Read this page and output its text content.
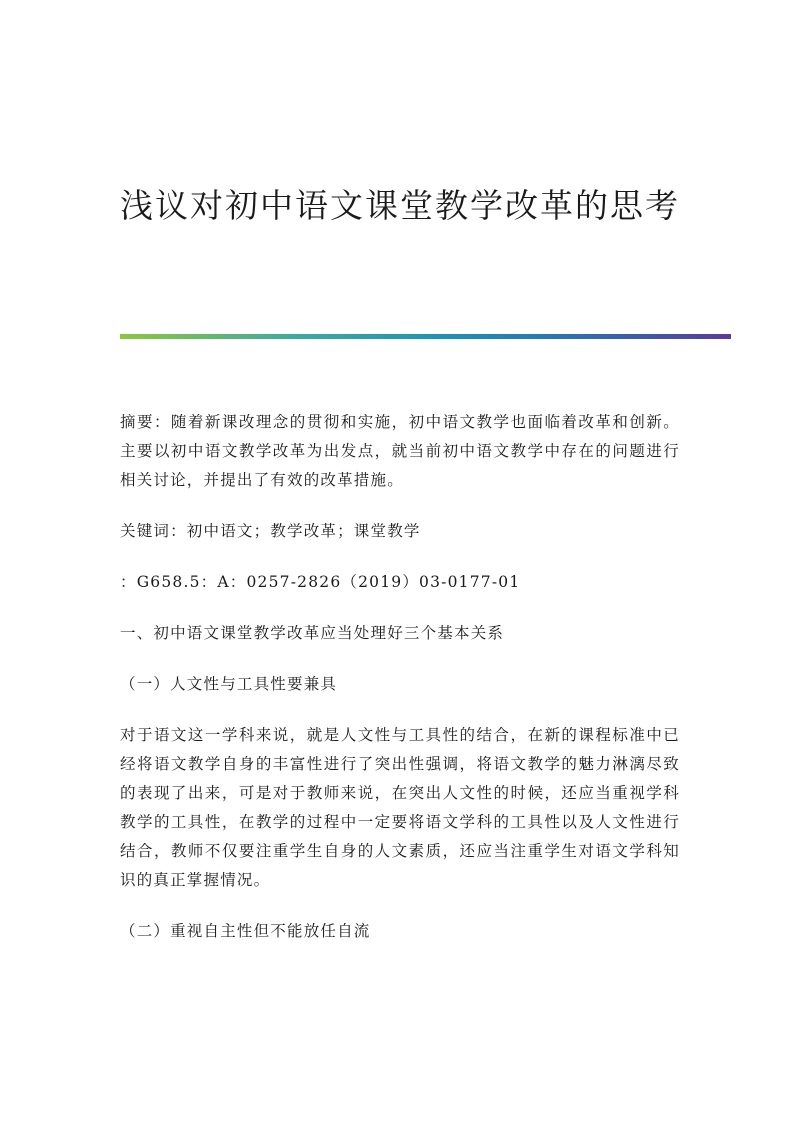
浅议对初中语文课堂教学改革的思考

摘要：随着新课改理念的贯彻和实施，初中语文教学也面临着改革和创新。主要以初中语文教学改革为出发点，就当前初中语文教学中存在的问题进行相关讨论，并提出了有效的改革措施。

关键词：初中语文；教学改革；课堂教学

：G658.5：A：0257-2826（2019）03-0177-01

一、初中语文课堂教学改革应当处理好三个基本关系

（一）人文性与工具性要兼具

对于语文这一学科来说，就是人文性与工具性的结合，在新的课程标准中已经将语文教学自身的丰富性进行了突出性强调，将语文教学的魅力淋漓尽致的表现了出来，可是对于教师来说，在突出人文性的时候，还应当重视学科教学的工具性，在教学的过程中一定要将语文学科的工具性以及人文性进行结合，教师不仅要注重学生自身的人文素质，还应当注重学生对语文学科知识的真正掌握情况。

（二）重视自主性但不能放任自流
